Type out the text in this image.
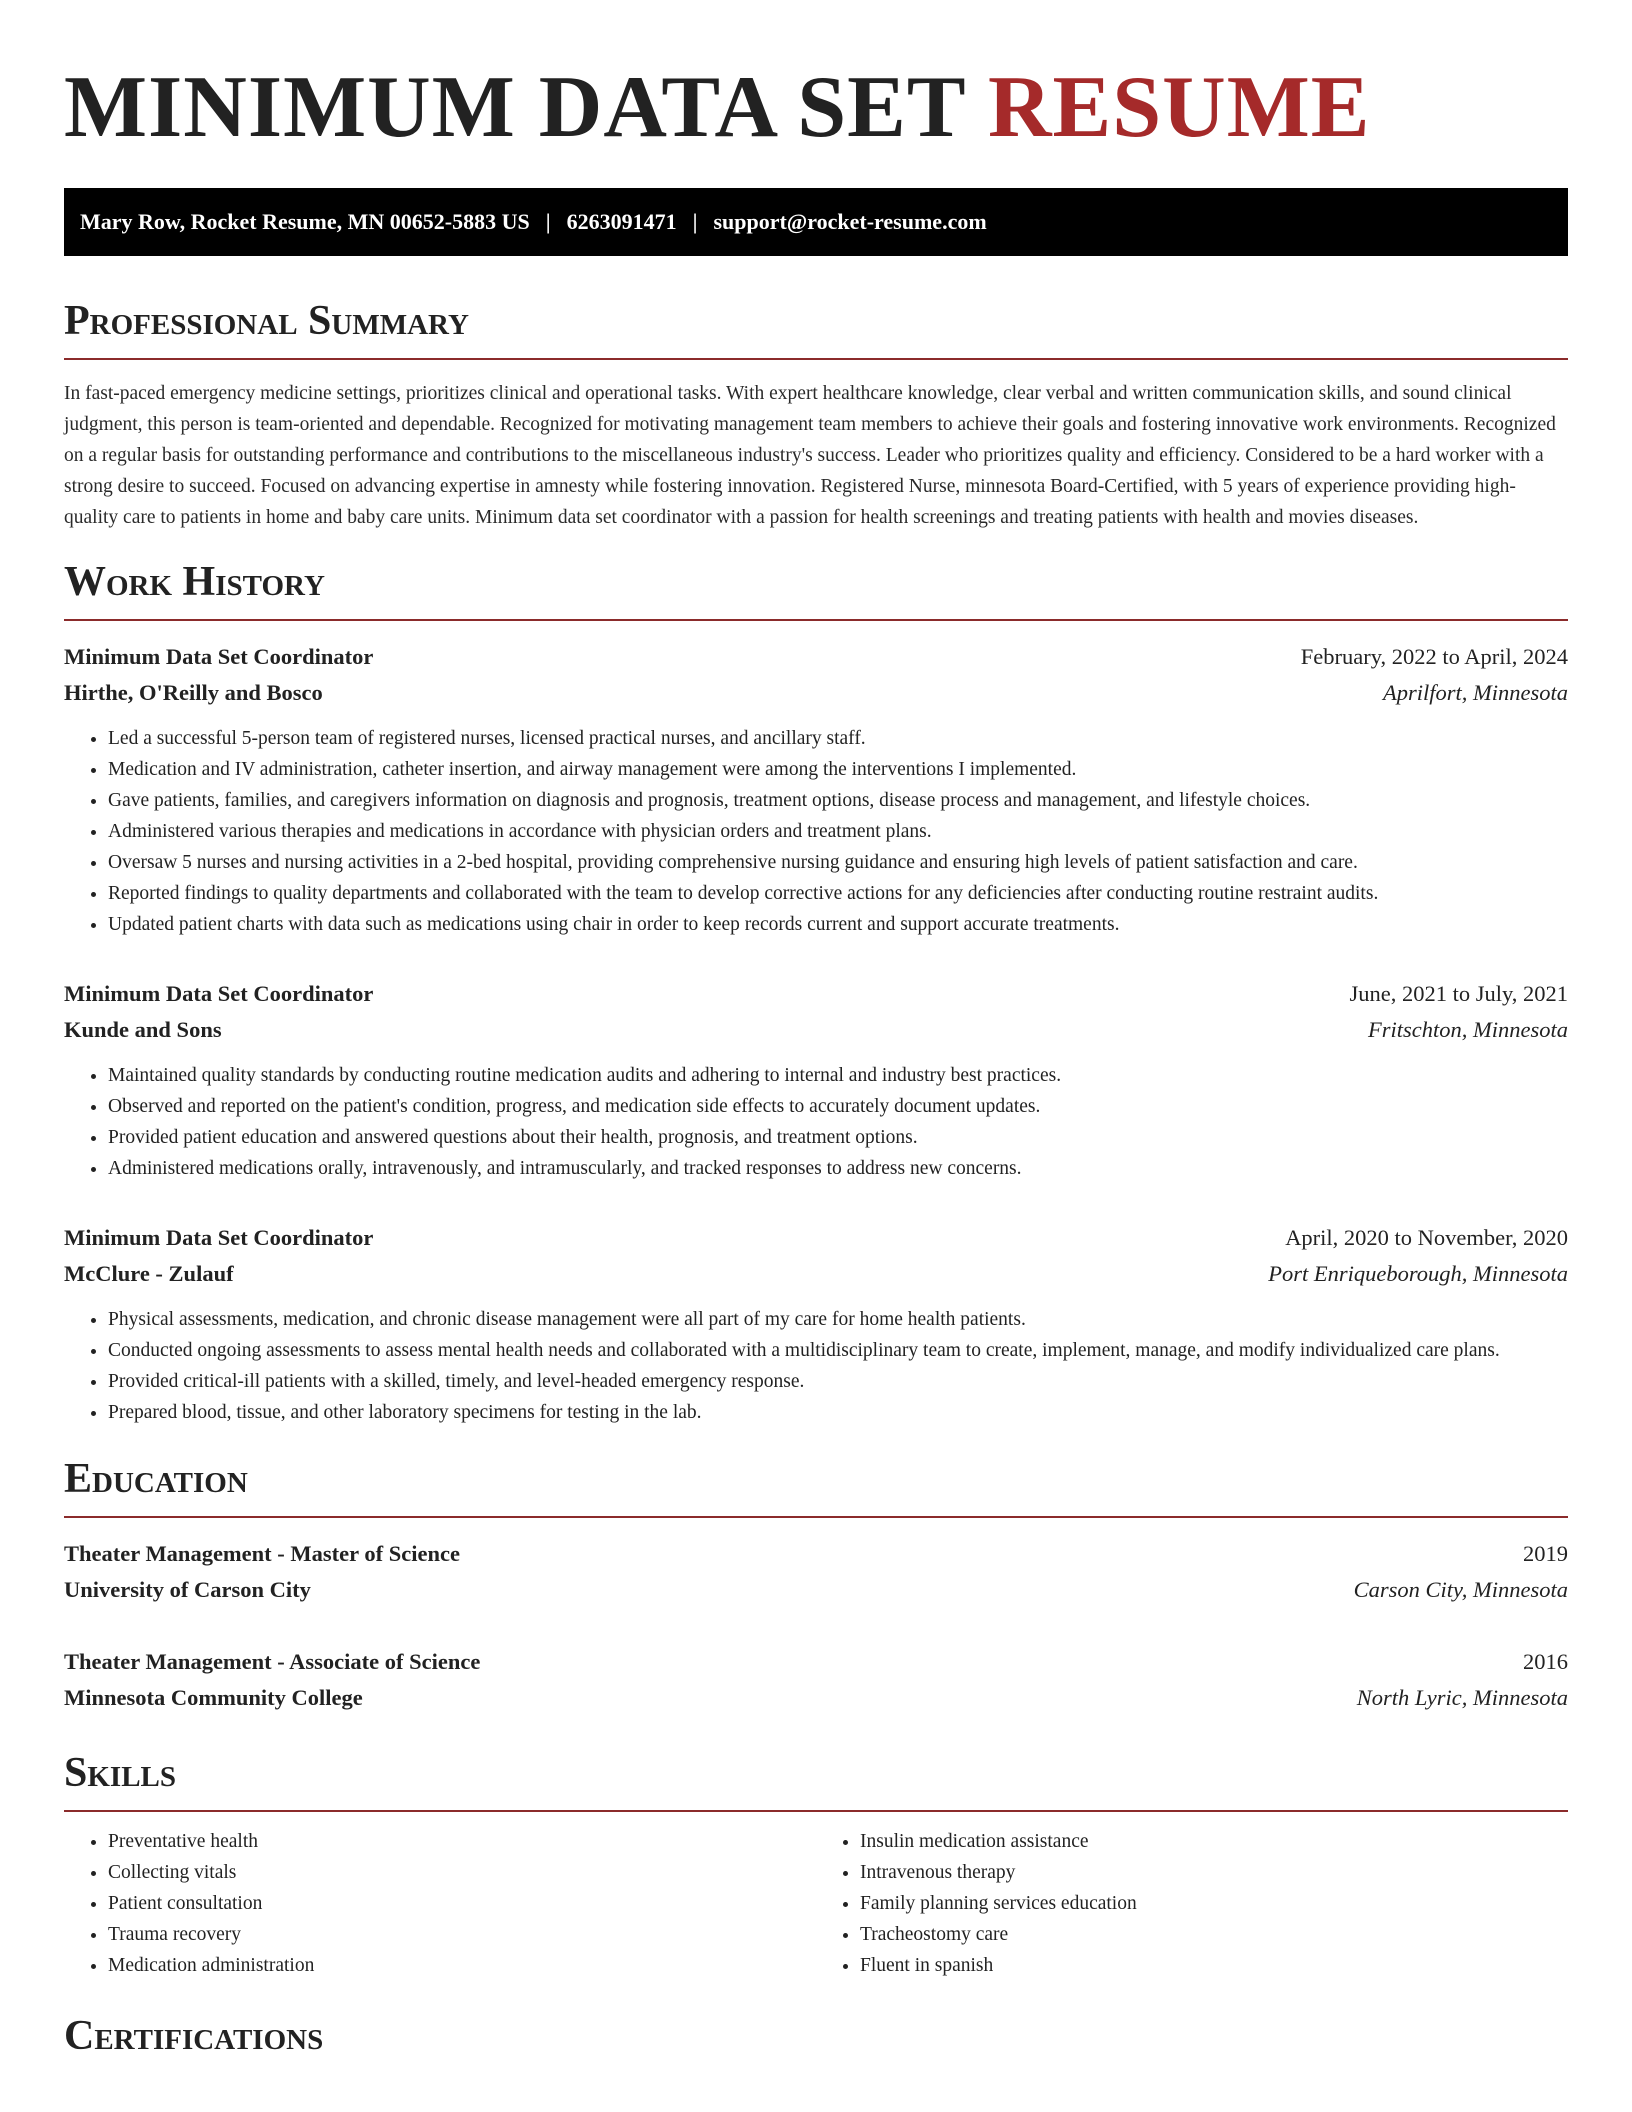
MINIMUM DATA SET RESUME
Mary Row, Rocket Resume, MN 00652-5883 US | 6263091471 | support@rocket-resume.com
Professional Summary

In fast-paced emergency medicine settings, prioritizes clinical and operational tasks. With expert healthcare knowledge, clear verbal and written communication skills, and sound clinical judgment, this person is team-oriented and dependable. Recognized for motivating management team members to achieve their goals and fostering innovative work environments. Recognized on a regular basis for outstanding performance and contributions to the miscellaneous industry's success. Leader who prioritizes quality and efficiency. Considered to be a hard worker with a strong desire to succeed. Focused on advancing expertise in amnesty while fostering innovation. Registered Nurse, minnesota Board-Certified, with 5 years of experience providing high-quality care to patients in home and baby care units. Minimum data set coordinator with a passion for health screenings and treating patients with health and movies diseases.

Work History
Minimum Data Set Coordinator	February, 2022 to April, 2024
Hirthe, O'Reilly and Bosco	Aprilfort, Minnesota
• Led a successful 5-person team of registered nurses, licensed practical nurses, and ancillary staff.
• Medication and IV administration, catheter insertion, and airway management were among the interventions I implemented.
• Gave patients, families, and caregivers information on diagnosis and prognosis, treatment options, disease process and management, and lifestyle choices.
• Administered various therapies and medications in accordance with physician orders and treatment plans.
• Oversaw 5 nurses and nursing activities in a 2-bed hospital, providing comprehensive nursing guidance and ensuring high levels of patient satisfaction and care.
• Reported findings to quality departments and collaborated with the team to develop corrective actions for any deficiencies after conducting routine restraint audits.
• Updated patient charts with data such as medications using chair in order to keep records current and support accurate treatments.
Minimum Data Set Coordinator	June, 2021 to July, 2021
Kunde and Sons	Fritschton, Minnesota
• Maintained quality standards by conducting routine medication audits and adhering to internal and industry best practices.
• Observed and reported on the patient's condition, progress, and medication side effects to accurately document updates.
• Provided patient education and answered questions about their health, prognosis, and treatment options.
• Administered medications orally, intravenously, and intramuscularly, and tracked responses to address new concerns.
Minimum Data Set Coordinator	April, 2020 to November, 2020
McClure - Zulauf	Port Enriqueborough, Minnesota
• Physical assessments, medication, and chronic disease management were all part of my care for home health patients.
• Conducted ongoing assessments to assess mental health needs and collaborated with a multidisciplinary team to create, implement, manage, and modify individualized care plans.
• Provided critical-ill patients with a skilled, timely, and level-headed emergency response.
• Prepared blood, tissue, and other laboratory specimens for testing in the lab.
Education
Theater Management - Master of Science	2019
University of Carson City	Carson City, Minnesota
Theater Management - Associate of Science	2016
Minnesota Community College	North Lyric, Minnesota
Skills
• Preventative health
• Collecting vitals
• Patient consultation
• Trauma recovery
• Medication administration
• Insulin medication assistance
• Intravenous therapy
• Family planning services education
• Tracheostomy care
• Fluent in spanish
Certifications
